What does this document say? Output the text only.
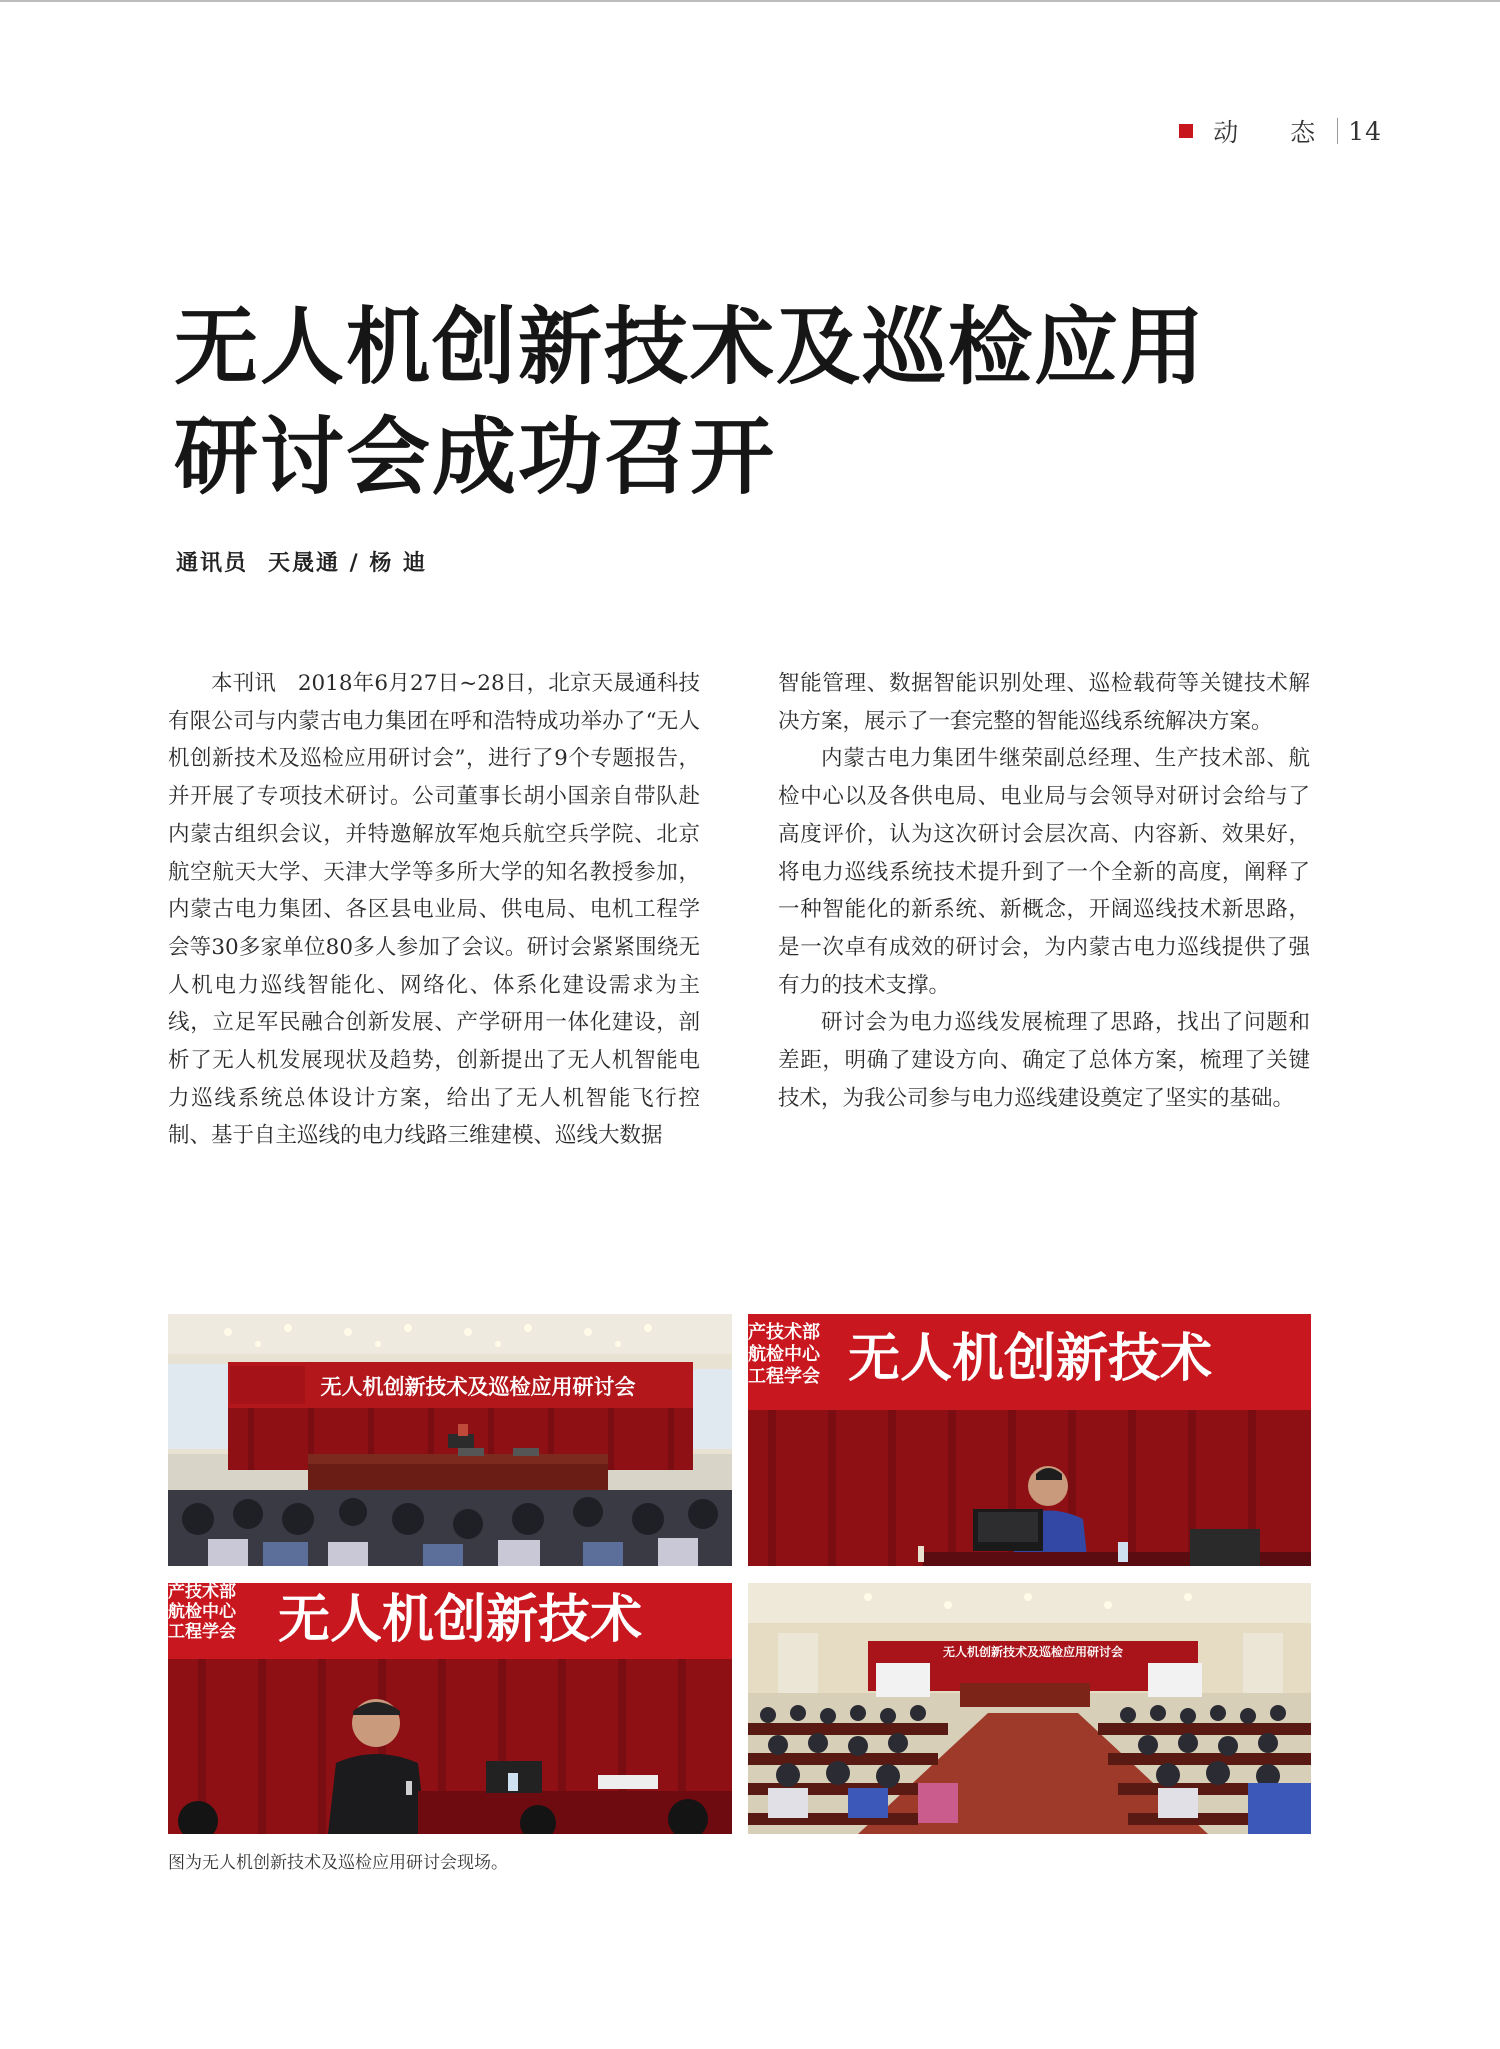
动 态 14
无人机创新技术及巡检应用
研讨会成功召开
通讯员 天晟通 / 杨 迪

本刊讯　2018年6月27日~28日，北京天晟通科技有限公司与内蒙古电力集团在呼和浩特成功举办了“无人机创新技术及巡检应用研讨会”，进行了9个专题报告，并开展了专项技术研讨。公司董事长胡小国亲自带队赴内蒙古组织会议，并特邀解放军炮兵航空兵学院、北京航空航天大学、天津大学等多所大学的知名教授参加，内蒙古电力集团、各区县电业局、供电局、电机工程学会等30多家单位80多人参加了会议。研讨会紧紧围绕无人机电力巡线智能化、网络化、体系化建设需求为主线，立足军民融合创新发展、产学研用一体化建设，剖析了无人机发展现状及趋势，创新提出了无人机智能电力巡线系统总体设计方案，给出了无人机智能飞行控制、基于自主巡线的电力线路三维建模、巡线大数据

智能管理、数据智能识别处理、巡检载荷等关键技术解决方案，展示了一套完整的智能巡线系统解决方案。

内蒙古电力集团牛继荣副总经理、生产技术部、航检中心以及各供电局、电业局与会领导对研讨会给与了高度评价，认为这次研讨会层次高、内容新、效果好，将电力巡线系统技术提升到了一个全新的高度，阐释了一种智能化的新系统、新概念，开阔巡线技术新思路，是一次卓有成效的研讨会，为内蒙古电力巡线提供了强有力的技术支撑。

研讨会为电力巡线发展梳理了思路，找出了问题和差距，明确了建设方向、确定了总体方案，梳理了关键技术，为我公司参与电力巡线建设奠定了坚实的基础。

无人机创新技术及巡检应用研讨会
产技术部
航检中心
工程学会 无人机创新技术
产技术部
航检中心
工程学会 无人机创新技术
无人机创新技术及巡检应用研讨会
图为无人机创新技术及巡检应用研讨会现场。
